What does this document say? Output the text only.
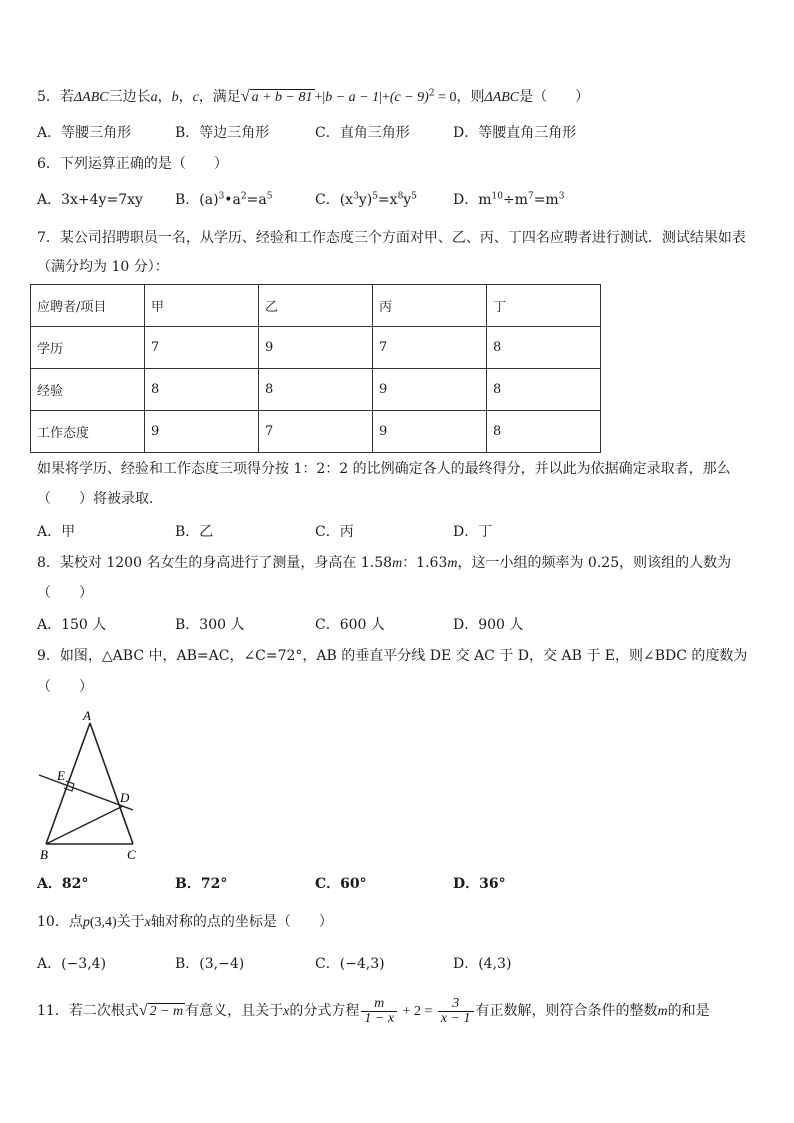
5．若ΔABC三边长a，b，c，满足√ $a + b - 81 +|b - a - 1|+(c - 9)^2 = 0$，则ΔABC是（　　）
A．等腰三角形	B．等边三角形	C．直角三角形	D．等腰直角三角形
6．下列运算正确的是（　　）
A．3x+4y=7xy B．$(a)^3•a^2=a^5$	C．$(x^3y)^5=x^8y^5$	D．$m^{10}\div m^7=m^3$
7．某公司招聘职员一名，从学历、经验和工作态度三个方面对甲、乙、丙、丁四名应聘者进行测试．测试结果如表
（满分均为 10 分）：
应聘者/项目	甲	乙	丙	丁
学历	7	9	7	8
经验	8	8	9	8
工作态度	9	7	9	8
如果将学历、经验和工作态度三项得分按 1：2：2 的比例确定各人的最终得分，并以此为依据确定录取者，那么
（　　）将被录取．
A．甲	B．乙	C．丙	D．丁
8．某校对 1200 名女生的身高进行了测量，身高在 1.58m：1.63m，这一小组的频率为 0.25，则该组的人数为
（　　）
A．150 人	B．300 人	C．600 人	D．900 人
9．如图，△ABC 中，AB=AC，∠C=72°，AB 的垂直平分线 DE 交 AC 于 D，交 AB 于 E，则∠BDC 的度数为
（　　）
A
E
D
B	C
A．82°	B．72°	C．60°	D．36°
10．点p(3,4)关于x轴对称的点的坐标是（　　）
A．(−3,4)	B．(3,−4)	C．(−4,3)	D．(4,3)
11．若二次根式√ 2 − m 有意义，且关于x的分式方程 $\frac{m}{1 - x} + 2 = \frac{3}{x - 1}$ 有正数解，则符合条件的整数m的和是
